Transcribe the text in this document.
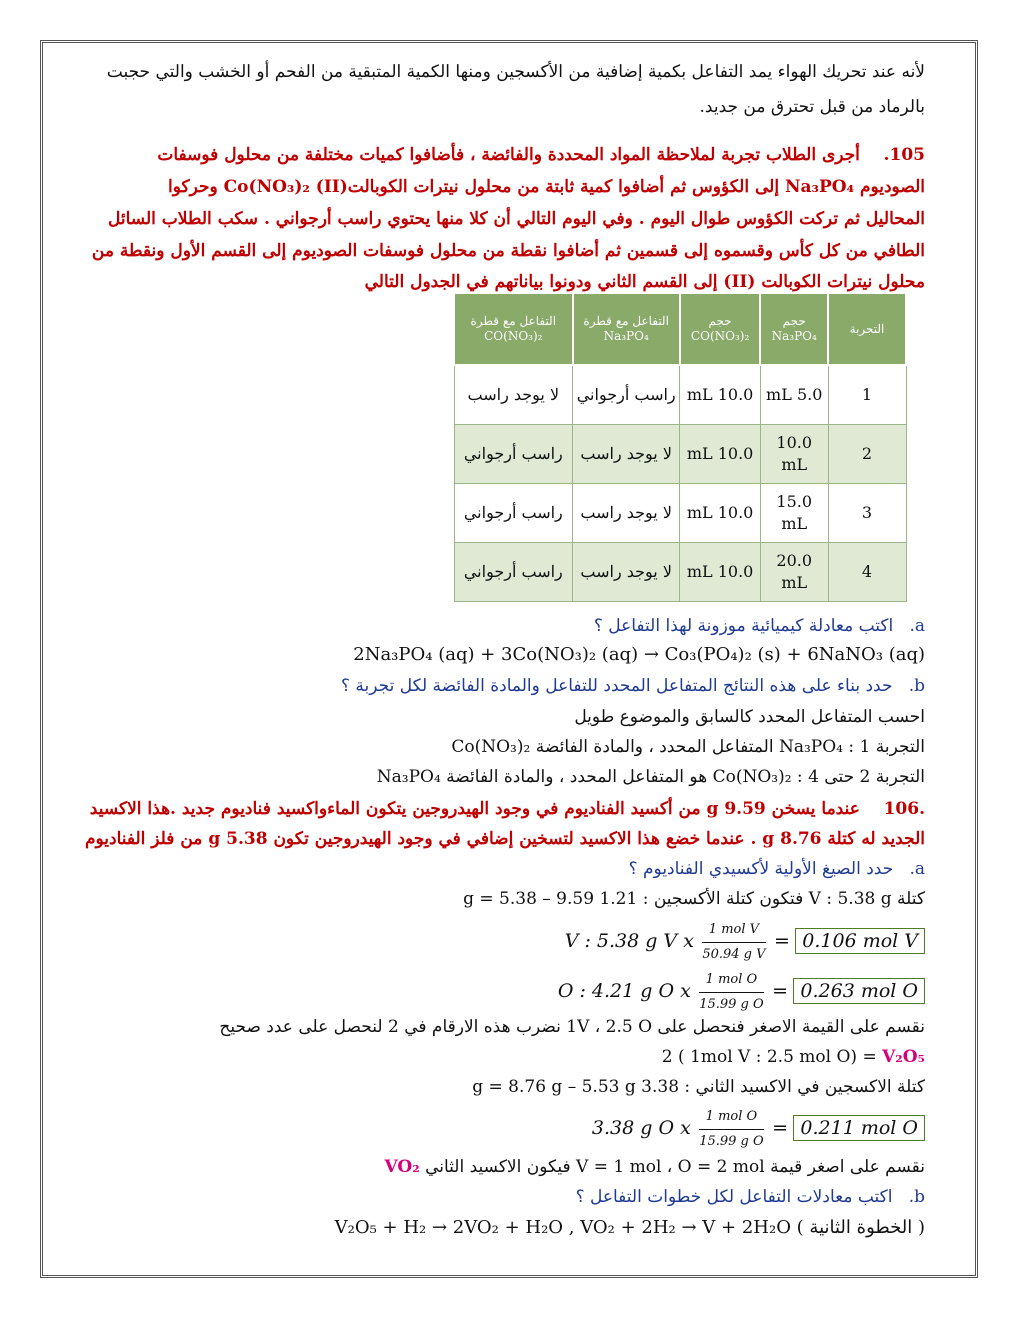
لأنه عند تحريك الهواء يمد التفاعل بكمية إضافية من الأكسجين ومنها الكمية المتبقية من الفحم أو الخشب والتي حجبت
بالرماد من قبل تحترق من جديد.
105.    أجرى الطلاب تجربة لملاحظة المواد المحددة والفائضة ، فأضافوا كميات مختلفة من محلول فوسفات
الصوديوم Na₃PO₄ إلى الكؤوس ثم أضافوا كمية ثابتة من محلول نيترات الكوبالت(II) Co(NO₃)₂ وحركوا
المحاليل ثم تركت الكؤوس طوال اليوم . وفي اليوم التالي أن كلا منها يحتوي راسب أرجواني . سكب الطلاب السائل
الطافي من كل كأس وقسموه إلى قسمين ثم أضافوا نقطة من محلول فوسفات الصوديوم إلى القسم الأول ونقطة من
محلول نيترات الكوبالت (II) إلى القسم الثاني ودونوا بياناتهم في الجدول التالي
التجربة	حجم Na₃PO₄	حجم CO(NO₃)₂	التفاعل مع قطرة Na₃PO₄	التفاعل مع قطرة CO(NO₃)₂
1	5.0 mL	10.0 mL	راسب أرجواني	لا يوجد راسب
2	10.0 mL	10.0 mL	لا يوجد راسب	راسب أرجواني
3	15.0 mL	10.0 mL	لا يوجد راسب	راسب أرجواني
4	20.0 mL	10.0 mL	لا يوجد راسب	راسب أرجواني
a.   اكتب معادلة كيميائية موزونة لهذا التفاعل ؟
2Na₃PO₄ (aq) + 3Co(NO₃)₂ (aq) → Co₃(PO₄)₂ (s) + 6NaNO₃ (aq)
b.   حدد بناء على هذه النتائج المتفاعل المحدد للتفاعل والمادة الفائضة لكل تجربة ؟
احسب المتفاعل المحدد كالسابق والموضوع طويل
التجربة 1 : Na₃PO₄ المتفاعل المحدد ، والمادة الفائضة Co(NO₃)₂
التجربة 2 حتى 4 : Co(NO₃)₂ هو المتفاعل المحدد ، والمادة الفائضة Na₃PO₄
.106    عندما يسخن 9.59 g من أكسيد الفناديوم في وجود الهيدروجين يتكون الماءواكسيد فناديوم جديد .هذا الاكسيد
الجديد له كتلة 8.76 g . عندما خضع هذا الاكسيد لتسخين إضافي في وجود الهيدروجين تكون 5.38 g من فلز الفناديوم
a.   حدد الصيغ الأولية لأكسيدي الفناديوم ؟
كتلة V : 5.38 g فتكون كتلة الأكسجين : 1.21 g = 5.38 – 9.59
V : 5.38 g V x $\frac{\text{1 mol V}}{\text{50.94 g V}} = 0.106$ mol V
O : 4.21 g O x $\frac{\text{1 mol O}}{\text{15.99 g O}} = 0.263$ mol O
نقسم على القيمة الاصغر فنحصل على 1V ، 2.5 O نضرب هذه الارقام في 2 لنحصل على عدد صحيح
2 ( 1mol V : 2.5 mol O) = V₂O₅
كتلة الاكسجين في الاكسيد الثاني : 3.38 g = 8.76 g – 5.53 g
3.38 g O x $\frac{\text{1 mol O}}{\text{15.99 g O}} = 0.211$ mol O
نقسم على اصغر قيمة V = 1 mol ، O = 2 mol فيكون الاكسيد الثاني VO₂
b.   اكتب معادلات التفاعل لكل خطوات التفاعل ؟
V₂O₅ + H₂ → 2VO₂ + H₂O , VO₂ + 2H₂ → V + 2H₂O ( الخطوة الثانية )
